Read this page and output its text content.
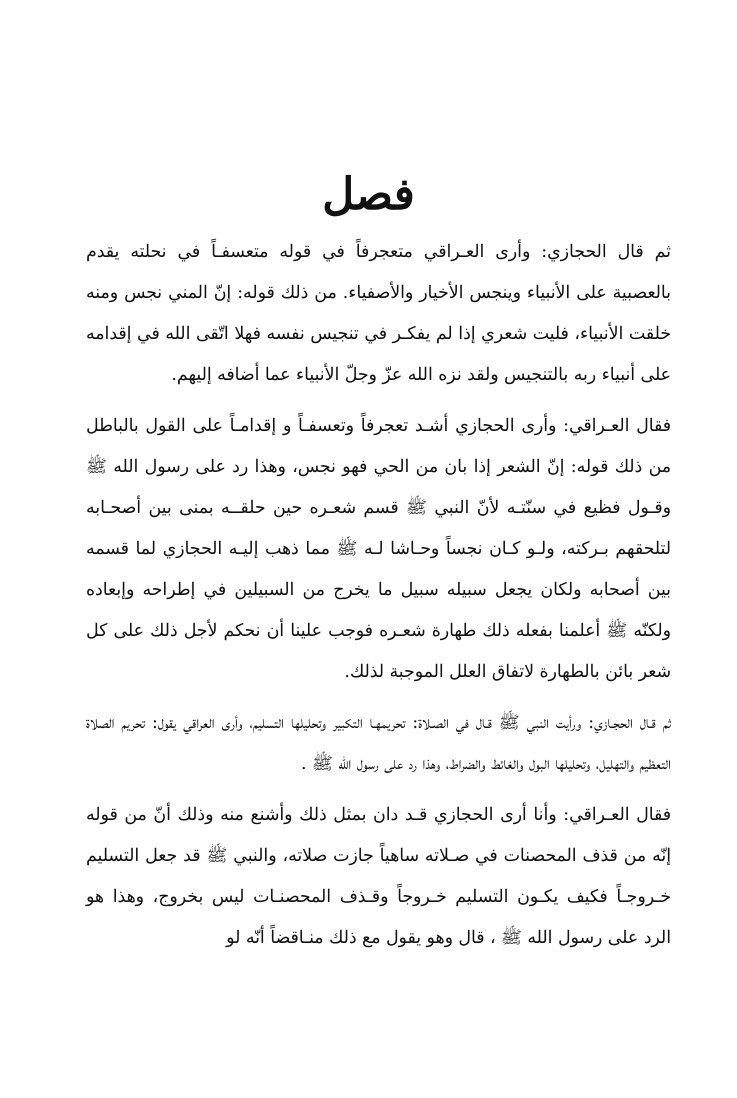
فصل

ثم قال الحجازي: وأرى العـراقي متعجرفاً في قوله متعسفـاً في نحلته يقدم بالعصبية على الأنبياء وينجس الأخيار والأصفياء. من ذلك قوله: إنّ المني نجس ومنه خلقت الأنبياء، فليت شعري إذا لم يفكـر في تنجيس نفسه فهلا اتّقى الله في إقدامه على أنبياء ربه بالتنجيس ولقد نزه الله عزّ وجلّ الأنبياء عما أضافه إليهم.

فقال العـراقي: وأرى الحجازي أشـد تعجرفاً وتعسفـاً و إقدامـاً على القول بالباطل من ذلك قوله: إنّ الشعر إذا بان من الحي فهو نجس، وهذا رد على رسول الله ﷺ وقـول فظيع في سنّتـه لأنّ النبي ﷺ قسم شعـره حين حلقــه بمنى بين أصحـابه لتلحقهم بـركته، ولـو كـان نجساً وحـاشا لـه ﷺ مما ذهب إليـه الحجازي لما قسمه بين أصحابه ولكان يجعل سبيله سبيل ما يخرج من السبيلين في إطراحه وإبعاده ولكنّه ﷺ أعلمنا بفعله ذلك طهارة شعـره فوجب علينا أن نحكم لأجل ذلك على كل شعر بائن بالطهارة لاتفاق العلل الموجبة لذلك.

ثم قـال الحجـازي: ورأيت النبي ﷺ قـال في الصـلاة: تحريمهـا التكبير وتحليلها التسليم، وأرى العراقي يقول: تحريم الصلاة التعظيم والتهليل، وتحليلها البول والغائط والضراط، وهذا رد على رسول الله ﷺ .

فقال العـراقي: وأنا أرى الحجازي قـد دان بمثل ذلك وأشنع منه وذلك أنّ من قوله إنّه من قذف المحصنات في صـلاته ساهياً جازت صلاته، والنبي ﷺ قد جعل التسليم خـروجـاً فكيف يكـون التسليم خـروجاً وقـذف المحصنـات ليس بخروج، وهذا هو الرد على رسول الله ﷺ ، قال وهو يقول مع ذلك منـاقضاً أنّه لو
